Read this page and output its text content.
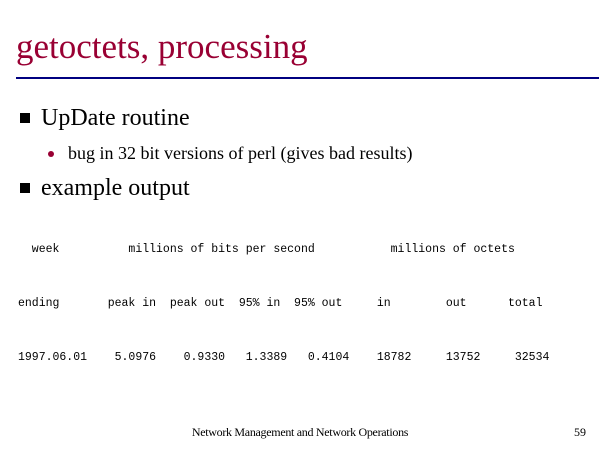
getoctets, processing
UpDate routine
bug in 32 bit versions of perl (gives bad results)
example output

week          millions of bits per second           millions of octets

ending       peak in  peak out  95% in  95% out     in        out      total

1997.06.01    5.0976    0.9330   1.3389   0.4104    18782     13752     32534

Network Management and Network Operations	59
